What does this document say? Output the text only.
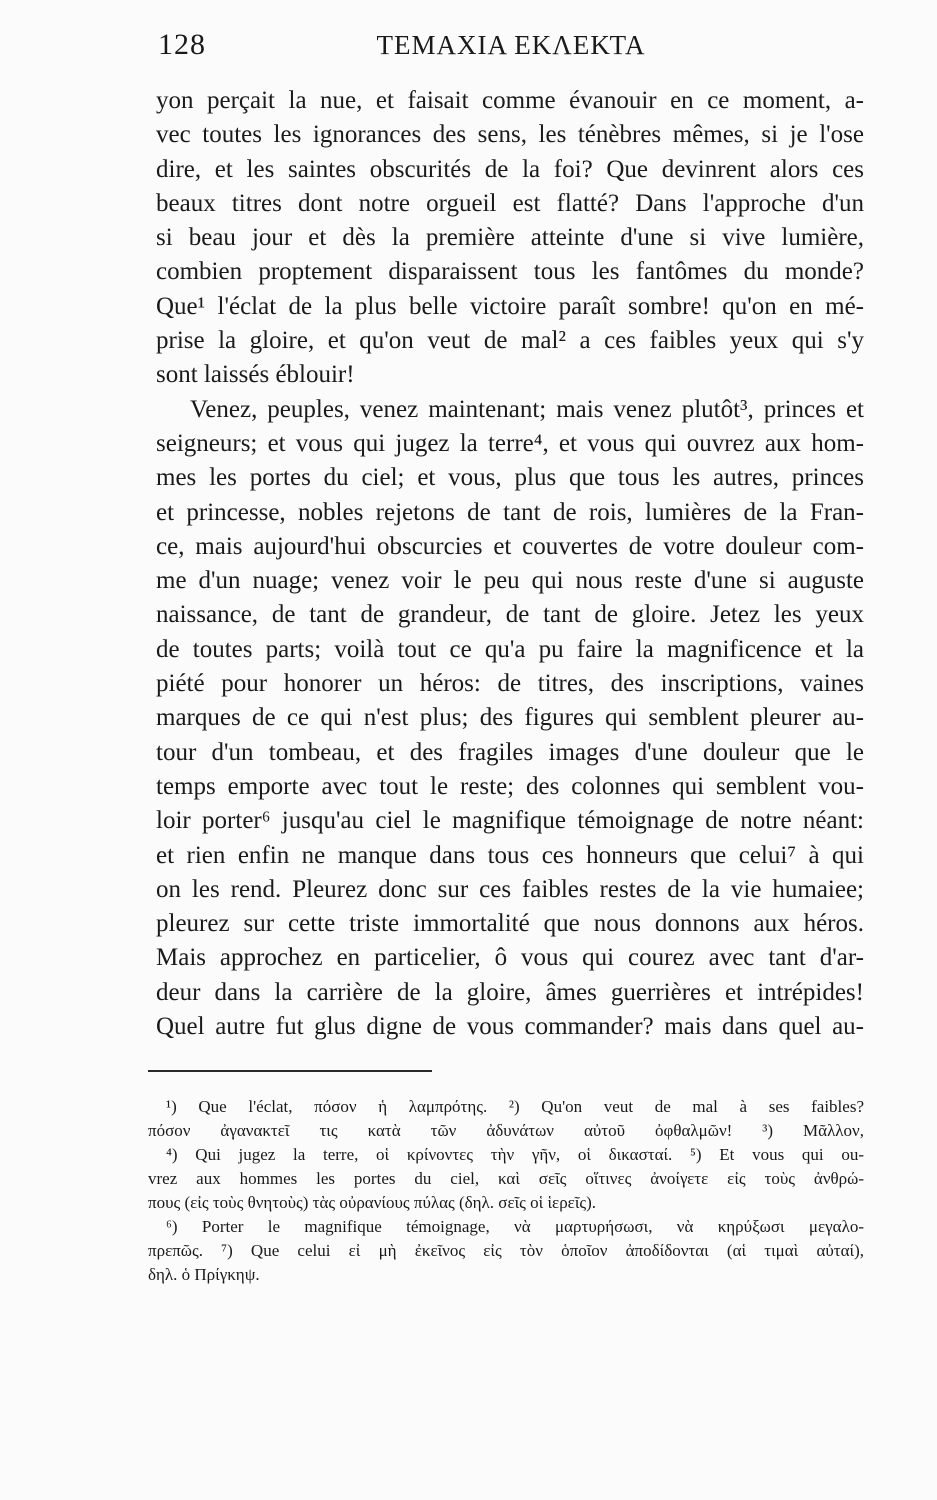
128	ΤΕΜΑΧΙΑ ΕΚΛΕΚΤΑ
yon perçait la nue, et faisait comme évanouir en ce moment, a-
vec toutes les ignorances des sens, les ténèbres mêmes, si je l'ose
dire, et les saintes obscurités de la foi? Que devinrent alors ces
beaux titres dont notre orgueil est flatté? Dans l'approche d'un
si beau jour et dès la première atteinte d'une si vive lumière,
combien proptement disparaissent tous les fantômes du monde?
Que¹ l'éclat de la plus belle victoire paraît sombre! qu'on en mé-
prise la gloire, et qu'on veut de mal² a ces faibles yeux qui s'y
sont laissés éblouir!
Venez, peuples, venez maintenant; mais venez plutôt³, princes et
seigneurs; et vous qui jugez la terre⁴, et vous qui ouvrez aux hom-
mes les portes du ciel; et vous, plus que tous les autres, princes
et princesse, nobles rejetons de tant de rois, lumières de la Fran-
ce, mais aujourd'hui obscurcies et couvertes de votre douleur com-
me d'un nuage; venez voir le peu qui nous reste d'une si auguste
naissance, de tant de grandeur, de tant de gloire. Jetez les yeux
de toutes parts; voilà tout ce qu'a pu faire la magnificence et la
piété pour honorer un héros: de titres, des inscriptions, vaines
marques de ce qui n'est plus; des figures qui semblent pleurer au-
tour d'un tombeau, et des fragiles images d'une douleur que le
temps emporte avec tout le reste; des colonnes qui semblent vou-
loir porter⁶ jusqu'au ciel le magnifique témoignage de notre néant:
et rien enfin ne manque dans tous ces honneurs que celui⁷ à qui
on les rend. Pleurez donc sur ces faibles restes de la vie humaiee;
pleurez sur cette triste immortalité que nous donnons aux héros.
Mais approchez en particelier, ô vous qui courez avec tant d'ar-
deur dans la carrière de la gloire, âmes guerrières et intrépides!
Quel autre fut glus digne de vous commander? mais dans quel au-
¹) Que l'éclat, πόσον ἡ λαμπρότης. ²) Qu'on veut de mal à ses faibles?
πόσον ἀγανακτεῖ τις κατὰ τῶν ἀδυνάτων αὐτοῦ ὀφθαλμῶν! ³) Μᾶλλον,
⁴) Qui jugez la terre, οἱ κρίνοντες τὴν γῆν, οἱ δικασταί. ⁵) Et vous qui ou-
vrez aux hommes les portes du ciel, καὶ σεῖς οἵτινες ἀνοίγετε εἰς τοὺς ἀνθρώ-
πους (εἰς τοὺς θνητοὺς) τὰς οὐρανίους πύλας (δηλ. σεῖς οἱ ἱερεῖς).
⁶) Porter le magnifique témoignage, νὰ μαρτυρήσωσι, νὰ κηρύξωσι μεγαλο-
πρεπῶς. ⁷) Que celui εἰ μὴ ἐκεῖνος εἰς τὸν ὁποῖον ἀποδίδονται (αἱ τιμαὶ αὐταί),
δηλ. ὁ Πρίγκηψ.
